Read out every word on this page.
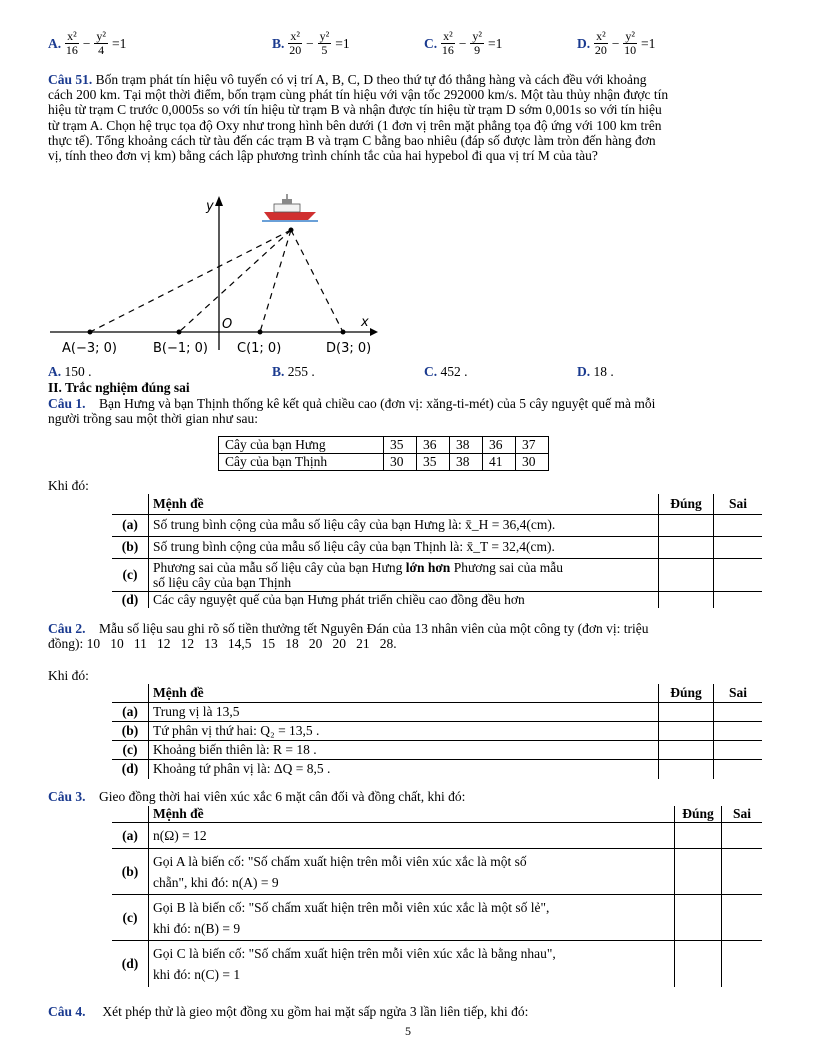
A. $\frac{\text{x²}}{16} - \frac{\text{y²}}{4} =1$	B. $\frac{\text{x²}}{20} - \frac{\text{y²}}{5} =1$	C. $\frac{\text{x²}}{16} - \frac{\text{y²}}{9} =1$	D. $\frac{\text{x²}}{20} - \frac{\text{y²}}{10} =1$
Câu 51. Bốn trạm phát tín hiệu vô tuyến có vị trí A, B, C, D theo thứ tự đó thẳng hàng và cách đều với khoảng
cách 200 km. Tại một thời điểm, bốn trạm cùng phát tín hiệu với vận tốc 292000 km/s. Một tàu thủy nhận được tín
hiệu từ trạm C trước 0,0005s so với tín hiệu từ trạm B và nhận được tín hiệu từ trạm D sớm 0,001s so với tín hiệu
từ trạm A. Chọn hệ trục tọa độ Oxy như trong hình bên dưới (1 đơn vị trên mặt phẳng tọa độ ứng với 100 km trên
thực tế). Tổng khoảng cách từ tàu đến các trạm B và trạm C bằng bao nhiêu (đáp số được làm tròn đến hàng đơn
vị, tính theo đơn vị km) bằng cách lập phương trình chính tắc của hai hypebol đi qua vị trí M của tàu?
y
x
O
A(−3; 0)	B(−1; 0) C(1; 0)	D(3; 0)
A. 150 .	B. 255 .	C. 452 .	D. 18 .
II. Trắc nghiệm đúng sai
Câu 1. Bạn Hưng và bạn Thịnh thống kê kết quả chiều cao (đơn vị: xăng-ti-mét) của 5 cây nguyệt quế mà mỗi
người trồng sau một thời gian như sau:
Cây của bạn Hưng	35	36	38	36	37
Cây của bạn Thịnh	30	35	38	41	30
Khi đó:
	Mệnh đề	Đúng	Sai
(a)	Số trung bình cộng của mẫu số liệu cây của bạn Hưng là: x̄_H = 36,4(cm).		
(b)	Số trung bình cộng của mẫu số liệu cây của bạn Thịnh là: x̄_T = 32,4(cm).		
(c)	Phương sai của mẫu số liệu cây của bạn Hưng lớn hơn Phương sai của mẫu
số liệu cây của bạn Thịnh		
(d)	Các cây nguyệt quế của bạn Hưng phát triển chiều cao đồng đều hơn		
Câu 2. Mẫu số liệu sau ghi rõ số tiền thưởng tết Nguyên Đán của 13 nhân viên của một công ty (đơn vị: triệu
đồng): 10   10   11   12   12   13   14,5   15   18   20   20   21   28.
Khi đó:
	Mệnh đề	Đúng	Sai
(a)	Trung vị là 13,5		
(b)	Tứ phân vị thứ hai: Q₂ = 13,5 .		
(c)	Khoảng biến thiên là: R = 18 .		
(d)	Khoảng tứ phân vị là: ΔQ = 8,5 .		
Câu 3. Gieo đồng thời hai viên xúc xắc 6 mặt cân đối và đồng chất, khi đó:
	Mệnh đề	Đúng	Sai
(a)	n(Ω) = 12		
(b)	Gọi A là biến cố: "Số chấm xuất hiện trên mỗi viên xúc xắc là một số
chẵn", khi đó: n(A) = 9		

(c)	Gọi B là biến cố: "Số chấm xuất hiện trên mỗi viên xúc xắc là một số lẻ",
khi đó: n(B) = 9		

(d)	Gọi C là biến cố: "Số chấm xuất hiện trên mỗi viên xúc xắc là bằng nhau",
khi đó: n(C) = 1		

Câu 4. Xét phép thử là gieo một đồng xu gồm hai mặt sấp ngửa 3 lần liên tiếp, khi đó:
5
